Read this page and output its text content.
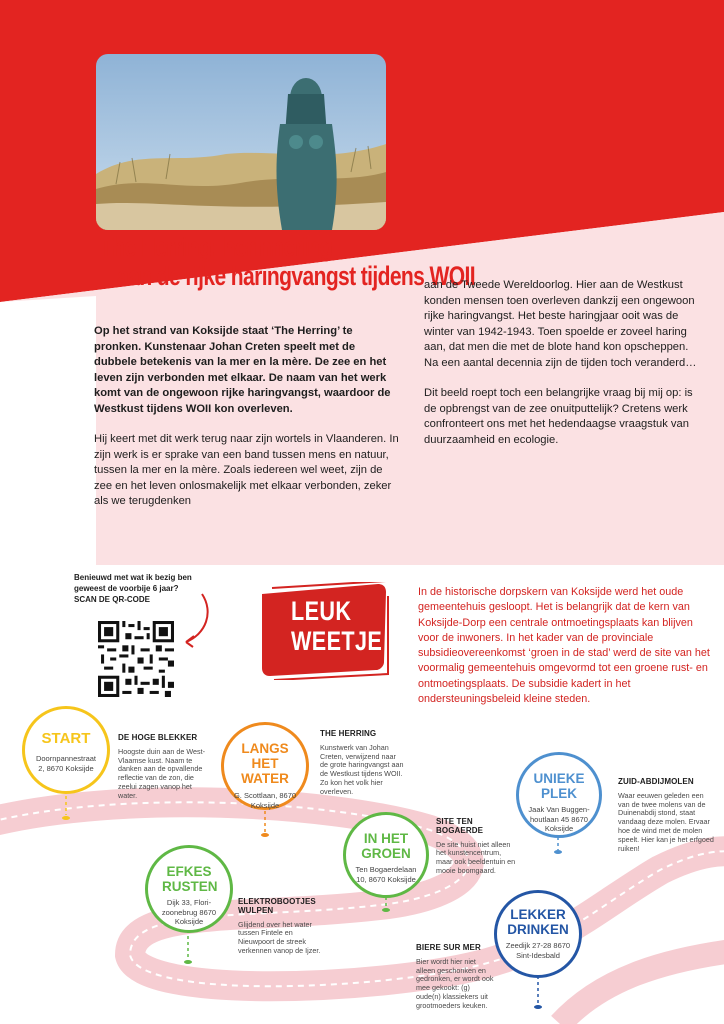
The Herring: herinnering
aan de rijke haringvangst tijdens WOII

Op het strand van Koksijde staat ‘The Herring’ te pronken. Kunstenaar Johan Creten speelt met de dubbele betekenis van la mer en la mère. De zee en het leven zijn verbonden met elkaar. De naam van het werk komt van de ongewoon rijke haringvangst, waardoor de Westkust tijdens WOII kon overleven.

Hij keert met dit werk terug naar zijn wortels in Vlaanderen. In zijn werk is er sprake van een band tussen mens en natuur, tussen la mer en la mère. Zoals iedereen wel weet, zijn de zee en het leven onlosmakelijk met elkaar verbonden, zeker als we terugdenken

aan de Tweede Wereldoorlog. Hier aan de Westkust konden mensen toen overleven dankzij een ongewoon rijke haringvangst. Het beste haringjaar ooit was de winter van 1942-1943. Toen spoelde er zoveel haring aan, dat men die met de blote hand kon opscheppen. Na een aantal decennia zijn de tijden toch veranderd…

Dit beeld roept toch een belangrijke vraag bij mij op: is de opbrengst van de zee onuitputtelijk? Cretens werk confronteert ons met het hedendaagse vraagstuk van duurzaamheid en ecologie.

Benieuwd met wat ik bezig ben
geweest de voorbije 6 jaar?
SCAN DE QR-CODE	LEUK
WEETJE
In de historische dorpskern van Koksijde werd het oude gemeentehuis gesloopt. Het is belangrijk dat de kern van Koksijde-Dorp een centrale ontmoetingsplaats kan blijven voor de inwoners. In het kader van de provinciale subsidieovereenkomst ‘groen in de stad’ werd de site van het voormalig gemeentehuis omgevormd tot een groene rust- en ontmoetingsplaats. De subsidie kadert in het ondersteuningsbeleid kleine steden.
START
Doornpannestraat 2, 8670 Koksijde
LANGS HET WATER
G. Scottlaan, 8670 Koksijde
IN HET GROEN
Ten Bogaerdelaan 10, 8670 Koksijde
EFKES RUSTEN
Dijk 33, Flori-zoonebrug 8670 Koksijde
UNIEKE PLEK
Jaak Van Buggen-houtlaan 45 8670 Koksijde
LEKKER DRINKEN
Zeedijk 27-28 8670 Sint-Idesbald
DE HOGE BLEKKER
Hoogste duin aan de West-Vlaamse kust. Naam te danken aan de opvallende reflectie van de zon, die zeelui zagen vanop het water.
THE HERRING
Kunstwerk van Johan Creten, verwijzend naar de grote haringvangst aan de Westkust tijdens WOII. Zo kon het volk hier overleven.
SITE TEN BOGAERDE
De site huist niet alleen het kunstencentrum, maar ook beeldentuin en mooie boomgaard.
ZUID-ABDIJMOLEN
Waar eeuwen geleden een van de twee molens van de Duinenabdij stond, staat vandaag deze molen. Ervaar hoe de wind met de molen speelt. Hier kan je het erfgoed ruiken!
ELEKTROBOOTJES WULPEN
Glijdend over het water tussen Fintele en Nieuwpoort de streek verkennen vanop de Ijzer.	BIERE SUR MER
Bier wordt hier niet alleen geschonken en gedronken, er wordt ook mee gekookt: (g) oude(n) klassiekers uit grootmoeders keuken.
